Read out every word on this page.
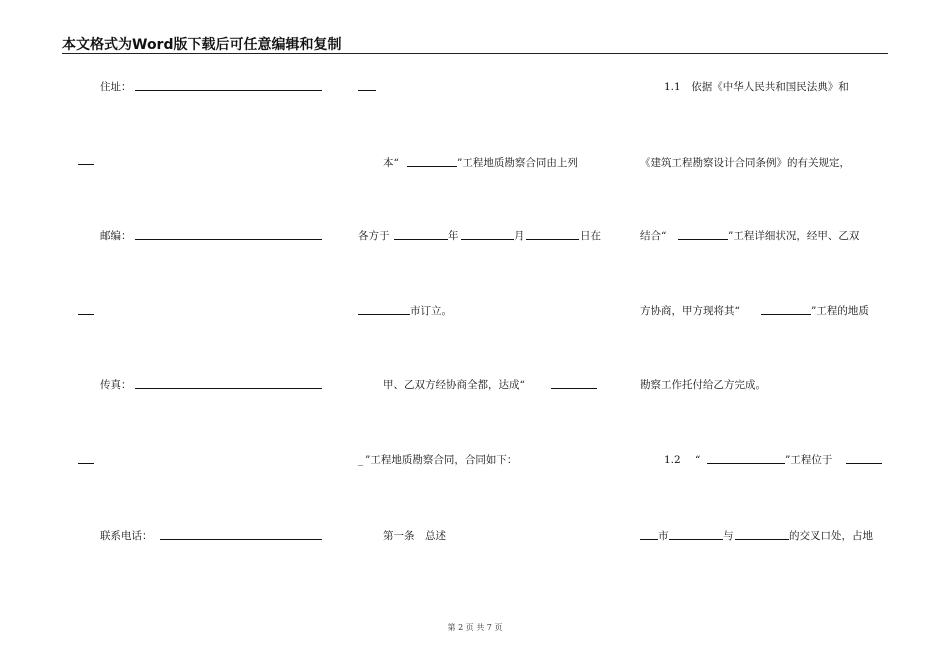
本文格式为Word版下载后可任意编辑和复制
住址：
邮编：
传真：
联系电话：
本“	”工程地质勘察合同由上列
各方于	年	月	日在
市订立。
甲、乙双方经协商全都，达成“
_ ”工程地质勘察合同，合同如下：
第一条　总述
1.1　依据《中华人民共和国民法典》和
《建筑工程勘察设计合同条例》的有关规定，
结合“	”工程详细状况，经甲、乙双
方协商，甲方现将其“	”工程的地质
勘察工作托付给乙方完成。
1.2 “	”工程位于
市	与	的交叉口处，占地
第 2 页 共 7 页
